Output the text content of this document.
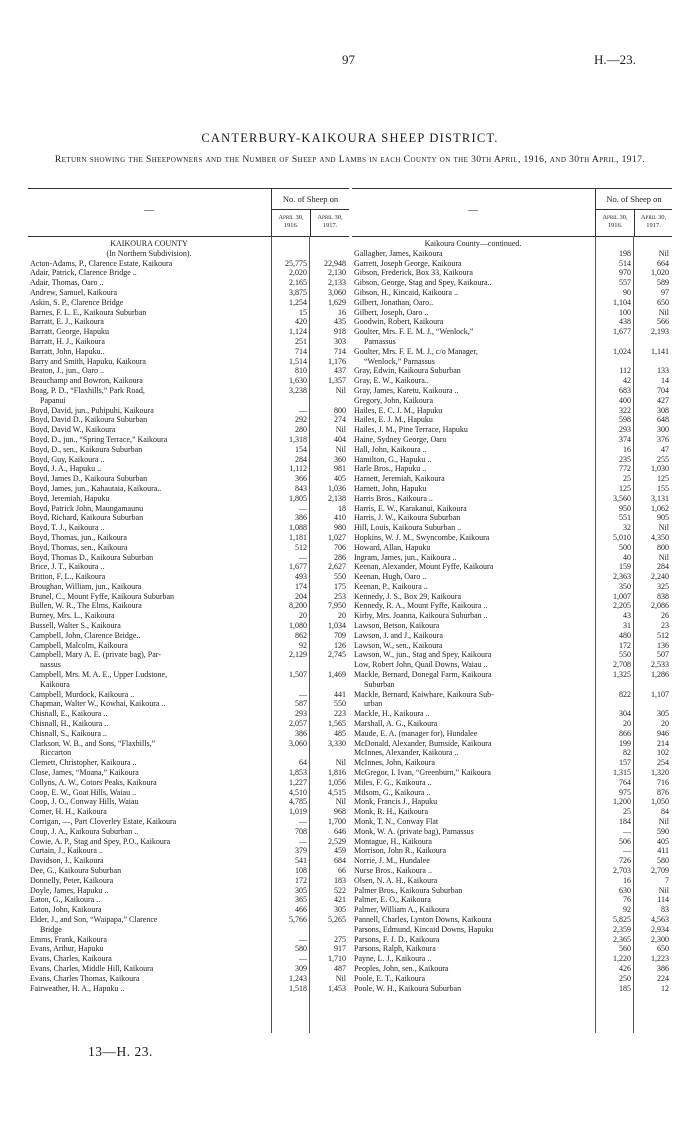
97	H.—23.
CANTERBURY-KAIKOURA SHEEP DISTRICT.
Return showing the Sheepowners and the Number of Sheep and Lambs in each County on the 30th April, 1916, and 30th April, 1917.
—
No. of Sheep on
April 30, 1916.
April 30, 1917.
KAIKOURA COUNTY
(In Northern Subdivision).
Acton-Adams, P., Clarence Estate, Kaikoura	25,775	22,948
Adair, Patrick, Clarence Bridge ..	2,020	2,130
Adair, Thomas, Oaro ..	2,165	2,133
Andrew, Samuel, Kaikoura	3,875	3,060
Askin, S. P., Clarence Bridge	1,254	1,629
Barnes, F. L. E., Kaikoura Suburban	15	16
Barratt, E. J., Kaikoura	420	435
Barratt, George, Hapuku	1,124	918
Barratt, H. J., Kaikoura	251	303
Barratt, John, Hapuku..	714	714
Barry and Smith, Hapuku, Kaikoura	1,514	1,176
Beaton, J., jun., Oaro ..	810	437
Beauchamp and Bowron, Kaikoura	1,630	1,357
Boag, P. D., “Flaxhills,” Park Road,	3,238	Nil
Papanui
Boyd, David, jun., Puhipuhi, Kaikoura	—	800
Boyd, David D., Kaikoura Suburban	292	274
Boyd, David W., Kaikoura	280	Nil
Boyd, D., jun., “Spring Terrace,” Kaikoura	1,318	404
Boyd, D., sen., Kaikoura Suburban	154	Nil
Boyd, Guy, Kaikoura ..	284	360
Boyd, J. A., Hapuku ..	1,112	981
Boyd, James D., Kaikoura Suburban	366	405
Boyd, James, jun., Kahautaia, Kaikoura..	843	1,036
Boyd, Jeremiah, Hapuku	1,805	2,138
Boyd, Patrick John, Maungamaunu	—	18
Boyd, Richard, Kaikoura Suburban	386	410
Boyd, T. J., Kaikoura ..	1,088	980
Boyd, Thomas, jun., Kaikoura	1,181	1,027
Boyd, Thomas, sen., Kaikoura	512	706
Boyd, Thomas D., Kaikoura Suburban	—	286
Brice, J. T., Kaikoura ..	1,677	2,627
Britton, F. L., Kaikoura	493	550
Broughan, William, jun., Kaikoura	174	175
Brunel, C., Mount Fyffe, Kaikoura Suburban	204	253
Bullen, W. R., The Elms, Kaikoura	8,200	7,950
Burney, Mrs. L., Kaikoura	20	20
Bussell, Walter S., Kaikoura	1,080	1,034
Campbell, John, Clarence Bridge..	862	709
Campbell, Malcolm, Kaikoura	92	126
Campbell, Mary A. E. (private bag), Par-	2,129	2,745
nassus
Campbell, Mrs. M. A. E., Upper Ludstone,	1,507	1,469
Kaikoura
Campbell, Murdock, Kaikoura ..	—	441
Chapman, Walter W., Kowhai, Kaikoura ..	587	550
Chisnall, E., Kaikoura ..	293	223
Chisnall, H., Kaikoura ..	2,057	1,565
Chisnall, S., Kaikoura ..	386	485
Clarkson, W. B., and Sons, “Flaxhills,”	3,060	3,330
Riccarton
Clemett, Christopher, Kaikoura ..	64	Nil
Close, James, “Moana,” Kaikoura	1,853	1,816
Collyns, A. W., Cotors Peaks, Kaikoura	1,227	1,056
Coop, E. W., Goat Hills, Waiau ..	4,510	4,515
Coop, J. O., Conway Hills, Waiau	4,785	Nil
Comer, H. H., Kaikoura	1,019	968
Corrigan, —, Part Cloverley Estate, Kaikoura	—	1,700
Coup, J. A., Kaikoura Suburban ..	708	646
Cowie, A. P., Stag and Spey, P.O., Kaikoura	—	2,529
Curtain, J., Kaikoura ..	379	459
Davidson, J., Kaikoura	541	684
Dee, G., Kaikoura Suburban	108	66
Donnelly, Peter, Kaikoura	172	183
Doyle, James, Hapuku ..	305	522
Eaton, G., Kaikoura ..	365	421
Eaton, John, Kaikoura	466	305
Elder, J., and Son, “Waipapa,” Clarence	5,766	5,265
Bridge
Emms, Frank, Kaikoura	—	275
Evans, Arthur, Hapuku	580	917
Evans, Charles, Kaikoura	—	1,710
Evans, Charles, Middle Hill, Kaikoura	309	487
Evans, Charles Thomas, Kaikoura	1,243	Nil
Fairweather, H. A., Hapuku ..	1,518	1,453
—
No. of Sheep on
April 30, 1916.
April 30, 1917.
Kaikoura County—continued.
Gallagher, James, Kaikoura	198	Nil
Garrett, Joseph George, Kaikoura	514	664
Gibson, Frederick, Box 33, Kaikoura	970	1,020
Gibson, George, Stag and Spey, Kaikoura..	557	589
Gibson, H., Kincaid, Kaikoura ..	90	97
Gilbert, Jonathan, Oaro..	1,104	650
Gilbert, Joseph, Oaro ..	100	Nil
Goodwin, Robert, Kaikoura	438	566
Goulter, Mrs. F. E. M. J., “Wenlock,”	1,677	2,193
Parnassus
Goulter, Mrs. F. E. M. J., c/o Manager,	1,024	1,141
“Wenlock,” Parnassus
Gray, Edwin, Kaikoura Suburban	112	133
Gray, E. W., Kaikoura..	42	14
Gray, James, Karetu, Kaikoura ..	683	704
Gregory, John, Kaikoura	400	427
Hailes, E. C. J. M., Hapuku	322	308
Hailes, E. J. M., Hapuku	598	648
Hailes, J. M., Pine Terrace, Hapuku	293	300
Haine, Sydney George, Oaro	374	376
Hall, John, Kaikoura ..	16	47
Hamilton, G., Hapuku ..	235	255
Harle Bros., Hapuku ..	772	1,030
Harnett, Jeremiah, Kaikoura	25	125
Harnett, John, Hapuku	125	155
Harris Bros., Kaikoura ..	3,560	3,131
Harris, E. W., Karakanui, Kaikoura	950	1,062
Harris, J. W., Kaikoura Suburban	551	905
Hill, Louis, Kaikoura Suburban ..	32	Nil
Hopkins, W. J. M., Swyncombe, Kaikoura	5,010	4,350
Howard, Allan, Hapuku	500	800
Ingram, James, jun., Kaikoura ..	40	Nil
Keenan, Alexander, Mount Fyffe, Kaikoura	159	284
Keenan, Hugh, Oaro ..	2,363	2,240
Keenan, P., Kaikoura ..	350	325
Kennedy, J. S., Box 29, Kaikoura	1,007	838
Kennedy, R. A., Mount Fyffe, Kaikoura ..	2,205	2,086
Kirby, Mrs. Joanna, Kaikoura Suburban ..	43	26
Lawson, Betson, Kaikoura	31	23
Lawson, J. and J., Kaikoura	480	512
Lawson, W., sen., Kaikoura	172	136
Lawson, W., jun., Stag and Spey, Kaikoura	550	507
Low, Robert John, Quail Downs, Waiau ..	2,708	2,533
Mackle, Bernard, Donegal Farm, Kaikoura	1,325	1,286
Suburban
Mackle, Bernard, Kaiwhare, Kaikoura Sub-	822	1,107
urban
Mackle, H., Kaikoura ..	304	305
Marshall, A. G., Kaikoura	20	20
Maude, E. A. (manager for), Hundalee	866	946
McDonald, Alexander, Burnside, Kaikoura	199	214
McInnes, Alexander, Kaikoura ..	82	102
McInnes, John, Kaikoura	157	254
McGregor, I. Ivan, “Greenburn,” Kaikoura	1,315	1,320
Miles, F. G., Kaikoura ..	764	716
Milsom, G., Kaikoura ..	975	876
Monk, Francis J., Hapuku	1,200	1,050
Monk, R. H., Kaikoura	25	84
Monk, T. N., Conway Flat	184	Nil
Monk, W. A. (private bag), Parnassus	—	590
Montague, H., Kaikoura	506	405
Morrison, John R., Kaikoura	—	411
Norrie, J. M., Hundalee	726	580
Nurse Bros., Kaikoura ..	2,703	2,709
Olsen, N. A. H., Kaikoura	16	7
Palmer Bros., Kaikoura Suburban	630	Nil
Palmer, E. O., Kaikoura	76	114
Palmer, William A., Kaikoura	92	83
Pannell, Charles, Lynton Downs, Kaikoura	5,825	4,563
Parsons, Edmund, Kincaid Downs, Hapuku	2,359	2,934
Parsons, F. J. D., Kaikoura	2,365	2,300
Parsons, Ralph, Kaikoura	560	650
Payne, L. J., Kaikoura ..	1,220	1,223
Peoples, John, sen., Kaikoura	426	386
Poole, E. T., Kaikoura	250	224
Poole, W. H., Kaikoura Suburban	185	12
13—H. 23.
